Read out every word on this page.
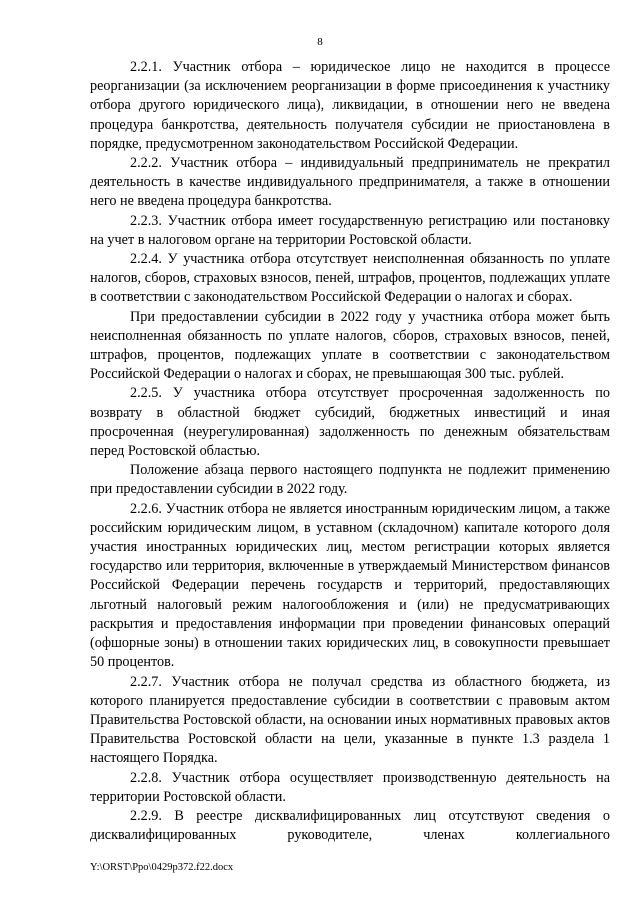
8

2.2.1. Участник отбора – юридическое лицо не находится в процессе реорганизации (за исключением реорганизации в форме присоединения к участнику отбора другого юридического лица), ликвидации, в отношении него не введена процедура банкротства, деятельность получателя субсидии не приостановлена в порядке, предусмотренном законодательством Российской Федерации.

2.2.2. Участник отбора – индивидуальный предприниматель не прекратил деятельность в качестве индивидуального предпринимателя, а также в отношении него не введена процедура банкротства.

2.2.3. Участник отбора имеет государственную регистрацию или постановку на учет в налоговом органе на территории Ростовской области.

2.2.4. У участника отбора отсутствует неисполненная обязанность по уплате налогов, сборов, страховых взносов, пеней, штрафов, процентов, подлежащих уплате в соответствии с законодательством Российской Федерации о налогах и сборах.

При предоставлении субсидии в 2022 году у участника отбора может быть неисполненная обязанность по уплате налогов, сборов, страховых взносов, пеней, штрафов, процентов, подлежащих уплате в соответствии с законодательством Российской Федерации о налогах и сборах, не превышающая 300 тыс. рублей.

2.2.5. У участника отбора отсутствует просроченная задолженность по возврату в областной бюджет субсидий, бюджетных инвестиций и иная просроченная (неурегулированная) задолженность по денежным обязательствам перед Ростовской областью.

Положение абзаца первого настоящего подпункта не подлежит применению при предоставлении субсидии в 2022 году.

2.2.6. Участник отбора не является иностранным юридическим лицом, а также российским юридическим лицом, в уставном (складочном) капитале которого доля участия иностранных юридических лиц, местом регистрации которых является государство или территория, включенные в утверждаемый Министерством финансов Российской Федерации перечень государств и территорий, предоставляющих льготный налоговый режим налогообложения и (или) не предусматривающих раскрытия и предоставления информации при проведении финансовых операций (офшорные зоны) в отношении таких юридических лиц, в совокупности превышает 50 процентов.

2.2.7. Участник отбора не получал средства из областного бюджета, из которого планируется предоставление субсидии в соответствии с правовым актом Правительства Ростовской области, на основании иных нормативных правовых актов Правительства Ростовской области на цели, указанные в пункте 1.3 раздела 1 настоящего Порядка.

2.2.8. Участник отбора осуществляет производственную деятельность на территории Ростовской области.

2.2.9. В реестре дисквалифицированных лиц отсутствуют сведения о дисквалифицированных руководителе, членах коллегиального

Y:\ORST\Ppo\0429p372.f22.docx
